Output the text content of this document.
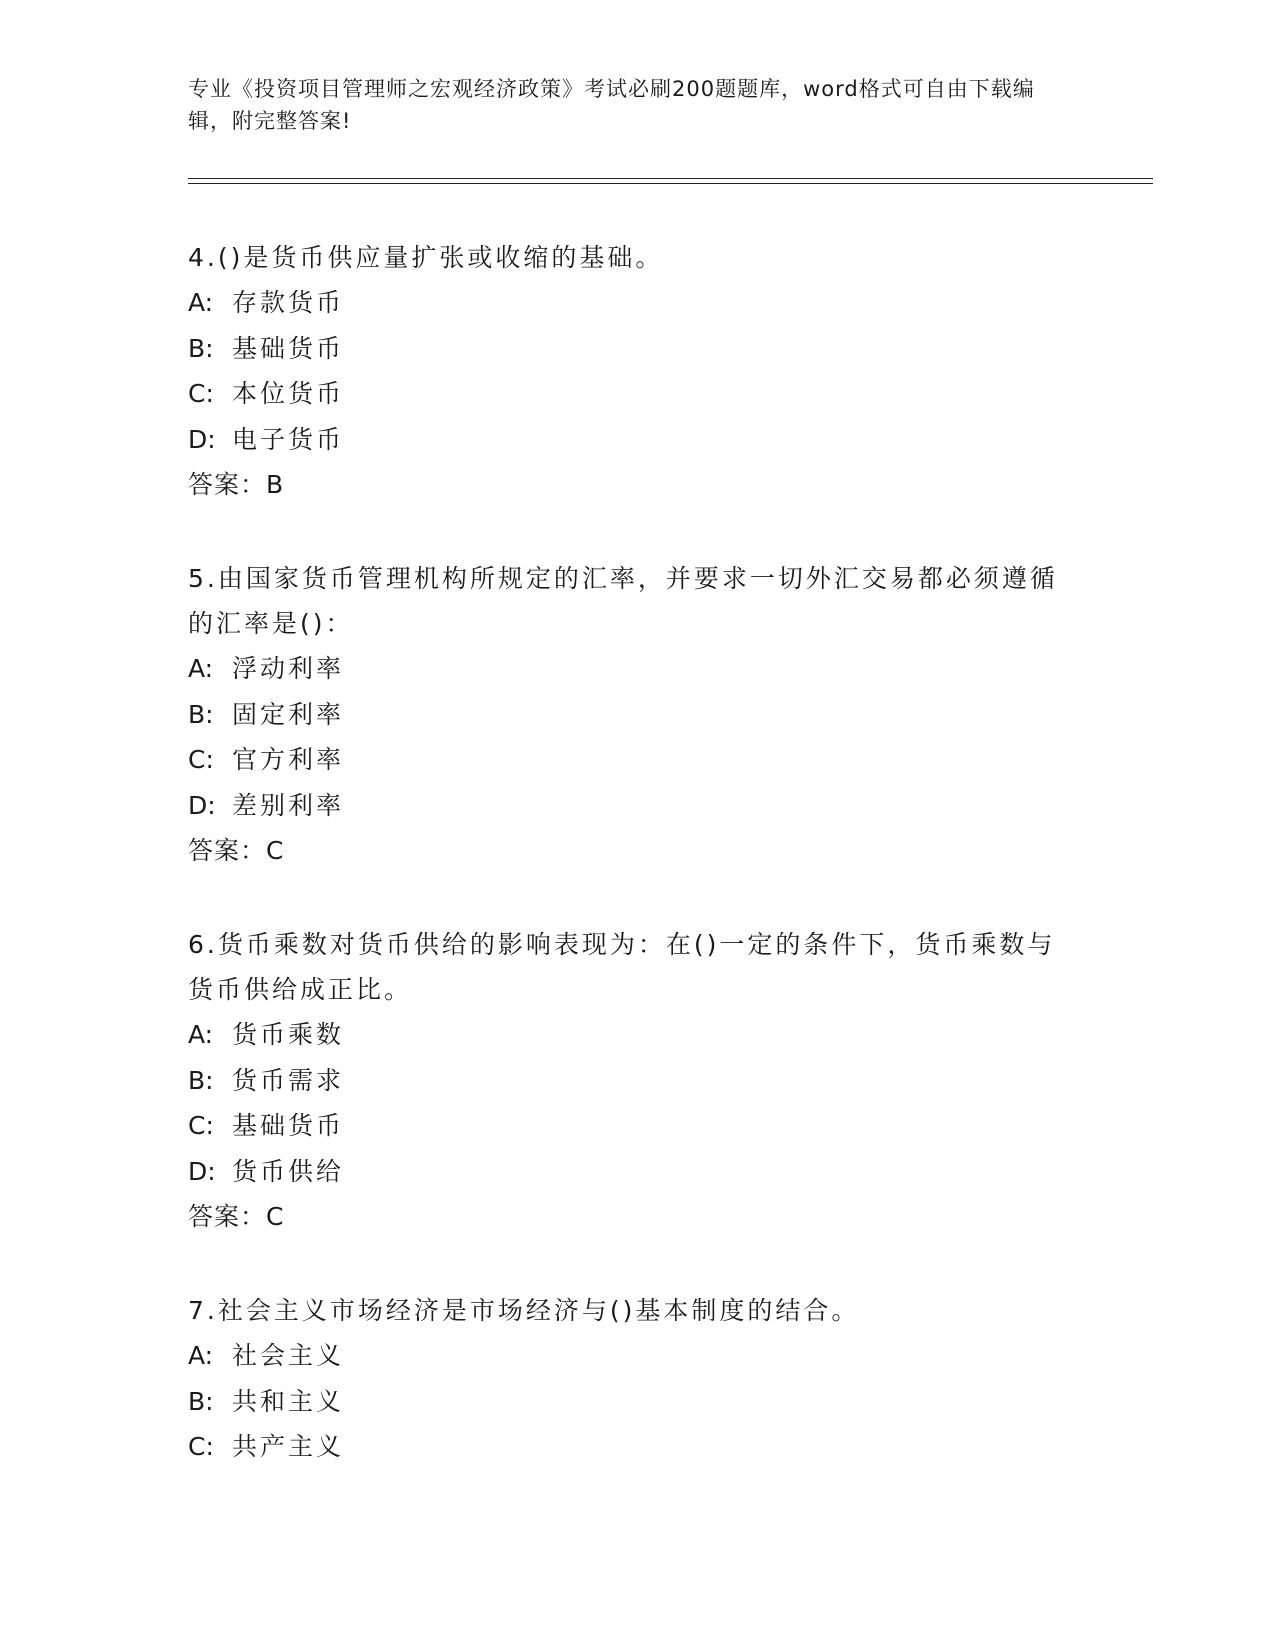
专业《投资项目管理师之宏观经济政策》考试必刷200题题库，word格式可自由下载编辑，附完整答案!

4.()是货币供应量扩张或收缩的基础。

A: 存款货币
B: 基础货币
C: 本位货币
D: 电子货币
答案：B

5.由国家货币管理机构所规定的汇率，并要求一切外汇交易都必须遵循的汇率是()：

A: 浮动利率
B: 固定利率
C: 官方利率
D: 差别利率
答案：C

6.货币乘数对货币供给的影响表现为：在()一定的条件下，货币乘数与货币供给成正比。

A: 货币乘数
B: 货币需求
C: 基础货币
D: 货币供给
答案：C

7.社会主义市场经济是市场经济与()基本制度的结合。

A: 社会主义
B: 共和主义
C: 共产主义
